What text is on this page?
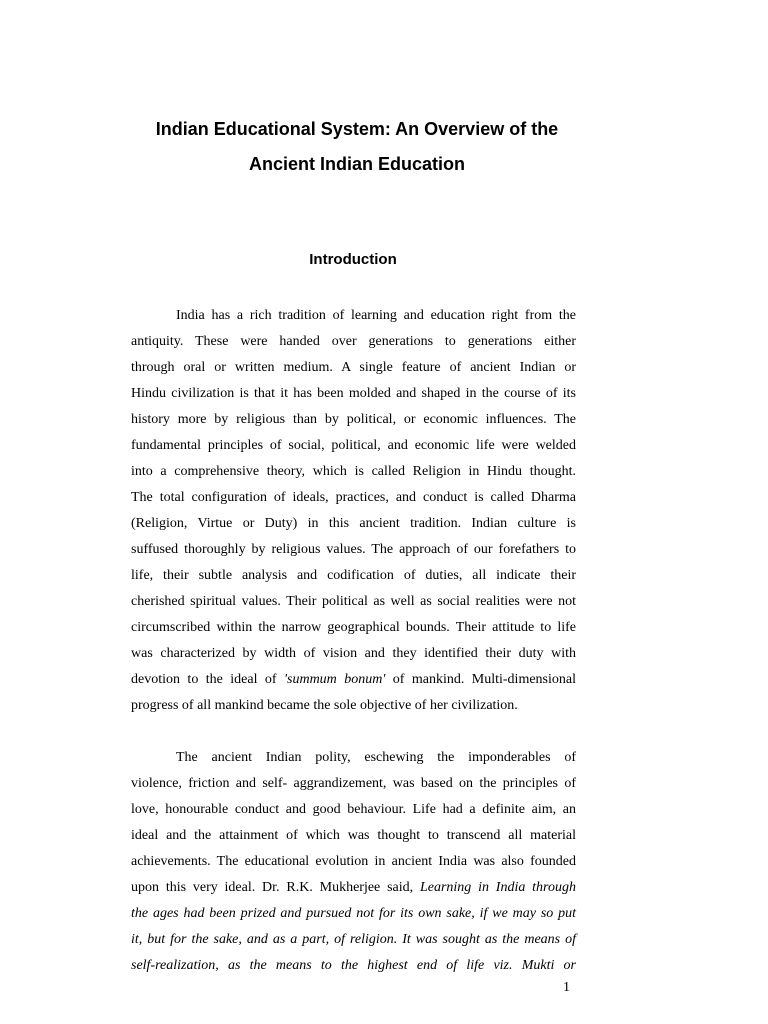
Indian Educational System: An Overview of the
Ancient Indian Education
Introduction
India has a rich tradition of learning and education right from the
antiquity. These were handed over generations to generations either
through oral or written medium. A single feature of ancient Indian or
Hindu civilization is that it has been molded and shaped in the course of its
history more by religious than by political, or economic influences. The
fundamental principles of social, political, and economic life were welded
into a comprehensive theory, which is called Religion in Hindu thought.
The total configuration of ideals, practices, and conduct is called Dharma
(Religion, Virtue or Duty) in this ancient tradition. Indian culture is
suffused thoroughly by religious values. The approach of our forefathers to
life, their subtle analysis and codification of duties, all indicate their
cherished spiritual values. Their political as well as social realities were not
circumscribed within the narrow geographical bounds. Their attitude to life
was characterized by width of vision and they identified their duty with
devotion to the ideal of 'summum bonum' of mankind. Multi-dimensional
progress of all mankind became the sole objective of her civilization.
The ancient Indian polity, eschewing the imponderables of
violence, friction and self- aggrandizement, was based on the principles of
love, honourable conduct and good behaviour. Life had a definite aim, an
ideal and the attainment of which was thought to transcend all material
achievements. The educational evolution in ancient India was also founded
upon this very ideal. Dr. R.K. Mukherjee said, Learning in India through
the ages had been prized and pursued not for its own sake, if we may so put
it, but for the sake, and as a part, of religion. It was sought as the means of
self-realization, as the means to the highest end of life viz. Mukti or
1
